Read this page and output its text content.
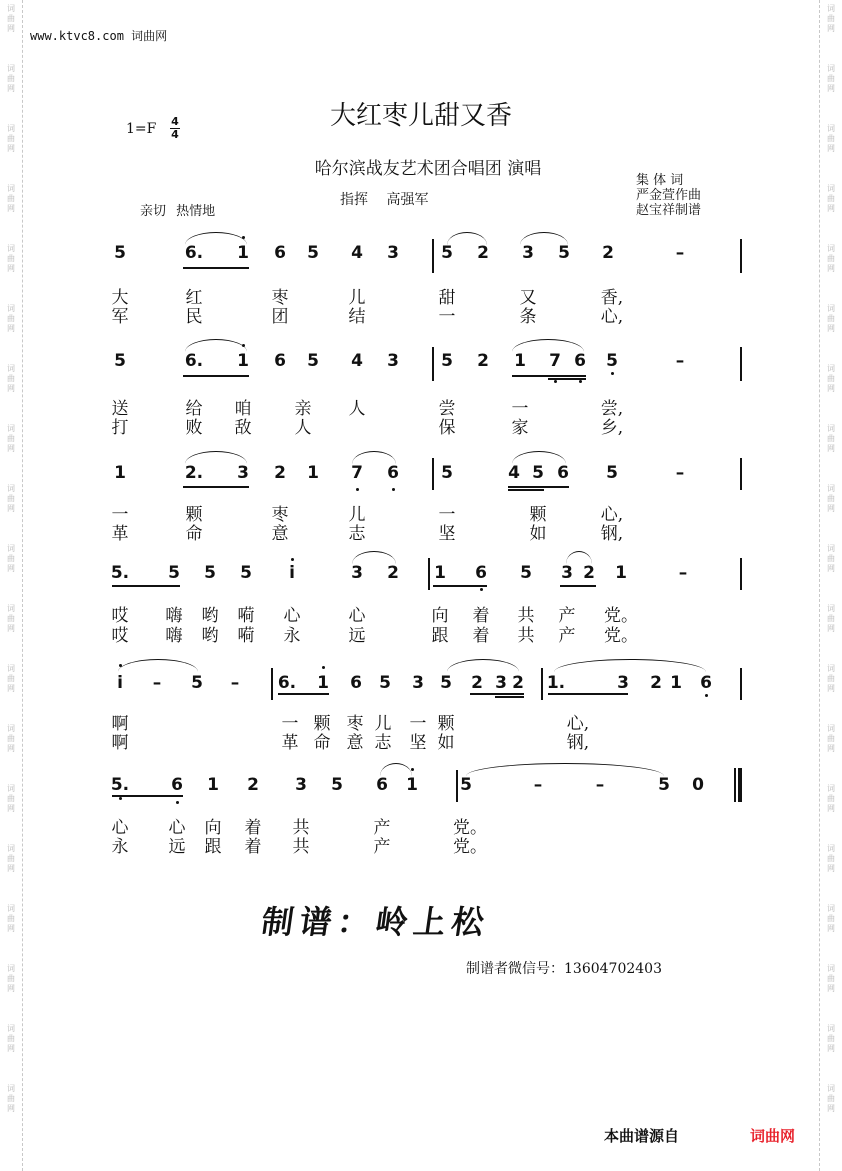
词
曲
网
词
曲
网
词
曲
网
词
曲
网
词
曲
网
词
曲
网
词
曲
网
词
曲
网
词
曲
网
词
曲
网
词
曲
网
词
曲
网
词
曲
网
词
曲
网
词
曲
网
词
曲
网
词
曲
网
词
曲
网
词
曲
网
词
曲
网
词
曲
网
词
曲
网
词
曲
网
词
曲
网
词
曲
网
词
曲
网
词
曲
网
词
曲
网
词
曲
网
词
曲
网
词
曲
网
词
曲
网
词
曲
网
词
曲
网
词
曲
网
词
曲
网
词
曲
网
词
曲
网
www.ktvc8.com 词曲网
大红枣儿甜又香
1=F 4
4
哈尔滨战友艺术团合唱团 演唱
指挥 高强军
亲切 热情地
集 体 词
严金萱作曲
赵宝祥制谱
5	6. 1 6 5 4 3 5 2 3 5 2	–
大	红	枣	儿	甜	又	香,
军	民	团	结	一	条	心,
5	6. 1 6 5 4 3 5 2 1 7 6 5	–
送	给 咱	亲 人	尝	一	尝,
打	败 敌	人	保	家	乡,
1	2. 3 2 1 7 6 5	4 5 6 5	–
一	颗	枣	儿	一	颗	心,
革	命	意	志	坚	如	钢,
5. 5 5 5 i	3 2 1 6 5 3 2 1	–
哎 嗨 哟 嗬 心	心	向 着 共 产 党。
哎 嗨 哟 嗬 永	远	跟 着 共 产 党。
i – 5 – 6. 1 6 5 3 5 2 3 2 1.	3 2 1 6
啊	一 颗 枣 儿 一 颗	心,
啊	革 命 意 志 坚 如	钢,
5. 6 1 2 3 5 6 1 5	–	–	5 0
心 心 向 着 共	产	党。
永 远 跟 着 共	产	党。
制谱：岭上松
制谱者微信号：13604702403
本曲谱源自	词曲网
